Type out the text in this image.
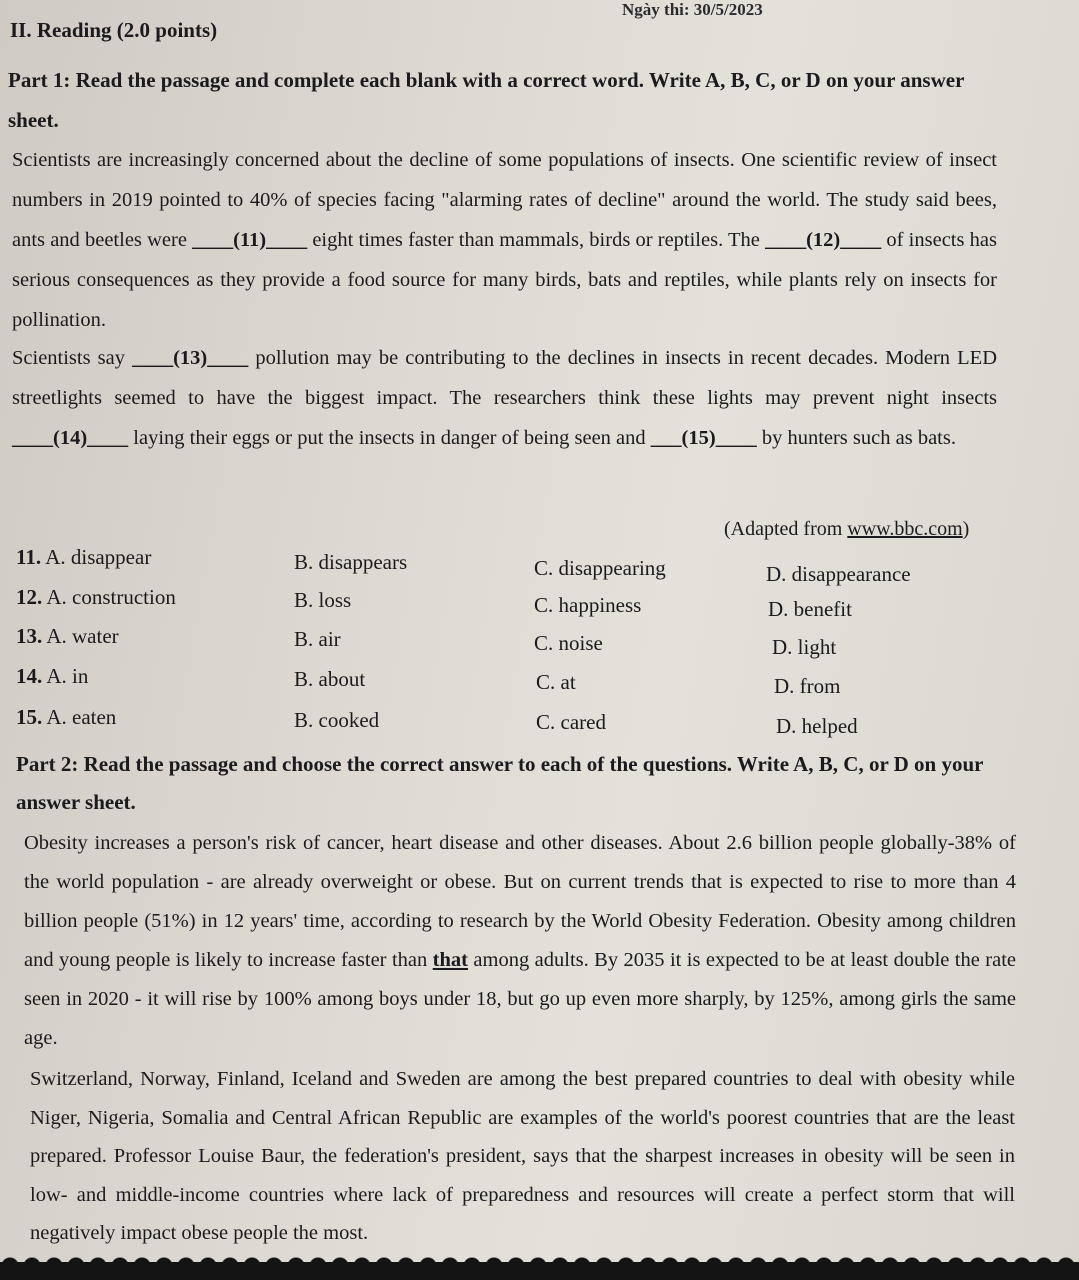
Ngày thi: 30/5/2023
II. Reading (2.0 points)
Part 1: Read the passage and complete each blank with a correct word. Write A, B, C, or D on your answer sheet.
Scientists are increasingly concerned about the decline of some populations of insects. One scientific review of insect numbers in 2019 pointed to 40% of species facing "alarming rates of decline" around the world. The study said bees, ants and beetles were ____(11)____ eight times faster than mammals, birds or reptiles. The ____(12)____ of insects has serious consequences as they provide a food source for many birds, bats and reptiles, while plants rely on insects for pollination.
Scientists say ____(13)____ pollution may be contributing to the declines in insects in recent decades. Modern LED streetlights seemed to have the biggest impact. The researchers think these lights may prevent night insects ____(14)____ laying their eggs or put the insects in danger of being seen and ___(15)____ by hunters such as bats.
(Adapted from www.bbc.com)
11. A. disappear	B. disappears	C. disappearing	D. disappearance
12. A. construction	B. loss	C. happiness	D. benefit
13. A. water	B. air	C. noise	D. light
14. A. in	B. about	C. at	D. from
15. A. eaten	B. cooked	C. cared	D. helped
Part 2: Read the passage and choose the correct answer to each of the questions. Write A, B, C, or D on your answer sheet.
Obesity increases a person's risk of cancer, heart disease and other diseases. About 2.6 billion people globally-38% of the world population - are already overweight or obese. But on current trends that is expected to rise to more than 4 billion people (51%) in 12 years' time, according to research by the World Obesity Federation. Obesity among children and young people is likely to increase faster than that among adults. By 2035 it is expected to be at least double the rate seen in 2020 - it will rise by 100% among boys under 18, but go up even more sharply, by 125%, among girls the same age.
Switzerland, Norway, Finland, Iceland and Sweden are among the best prepared countries to deal with obesity while Niger, Nigeria, Somalia and Central African Republic are examples of the world's poorest countries that are the least prepared. Professor Louise Baur, the federation's president, says that the sharpest increases in obesity will be seen in low- and middle-income countries where lack of preparedness and resources will create a perfect storm that will negatively impact obese people the most.
